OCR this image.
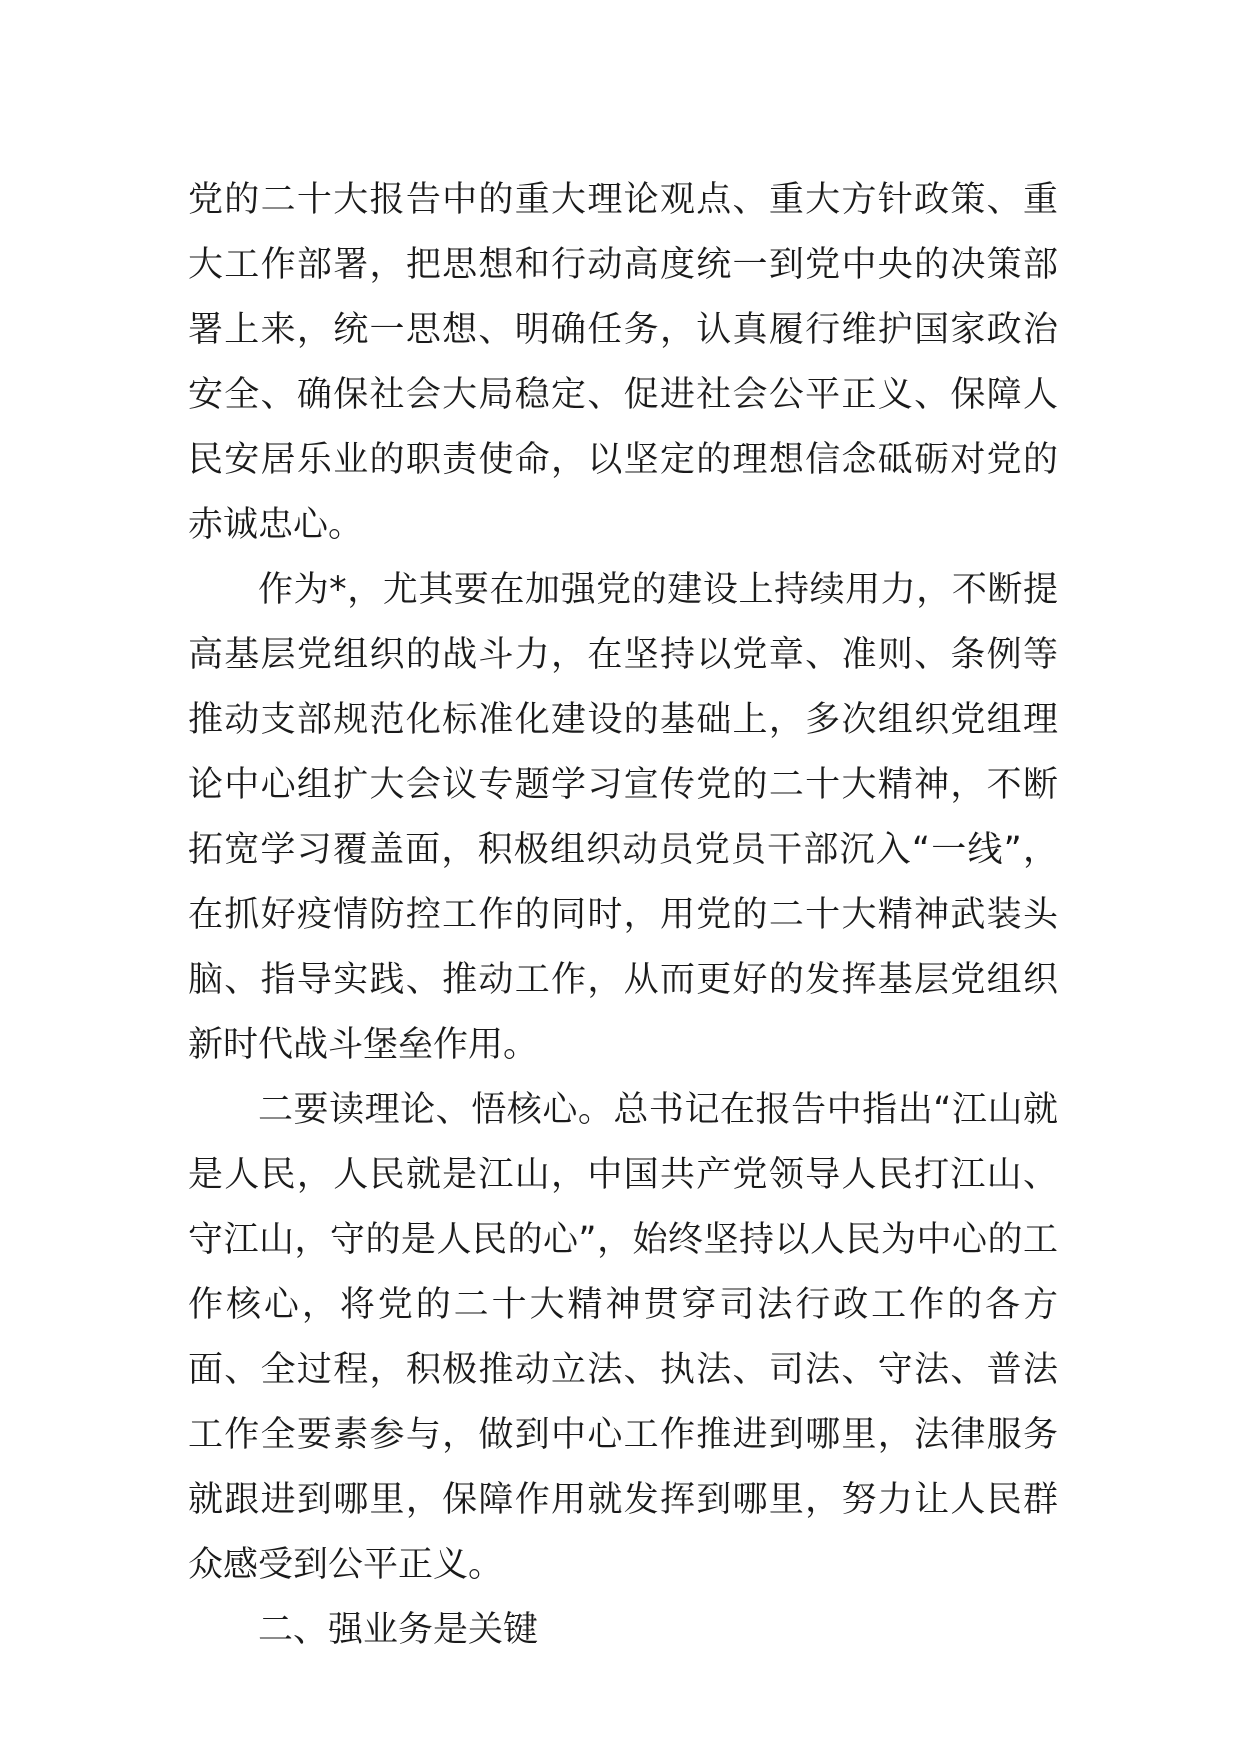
党的二十大报告中的重大理论观点、重大方针政策、重大工作部署，把思想和行动高度统一到党中央的决策部署上来，统一思想、明确任务，认真履行维护国家政治安全、确保社会大局稳定、促进社会公平正义、保障人民安居乐业的职责使命，以坚定的理想信念砥砺对党的赤诚忠心。

作为*，尤其要在加强党的建设上持续用力，不断提高基层党组织的战斗力，在坚持以党章、准则、条例等推动支部规范化标准化建设的基础上，多次组织党组理论中心组扩大会议专题学习宣传党的二十大精神，不断拓宽学习覆盖面，积极组织动员党员干部沉入“一线”，在抓好疫情防控工作的同时，用党的二十大精神武装头脑、指导实践、推动工作，从而更好的发挥基层党组织新时代战斗堡垒作用。

二要读理论、悟核心。总书记在报告中指出“江山就是人民，人民就是江山，中国共产党领导人民打江山、守江山，守的是人民的心”，始终坚持以人民为中心的工作核心，将党的二十大精神贯穿司法行政工作的各方面、全过程，积极推动立法、执法、司法、守法、普法工作全要素参与，做到中心工作推进到哪里，法律服务就跟进到哪里，保障作用就发挥到哪里，努力让人民群众感受到公平正义。

二、强业务是关键
